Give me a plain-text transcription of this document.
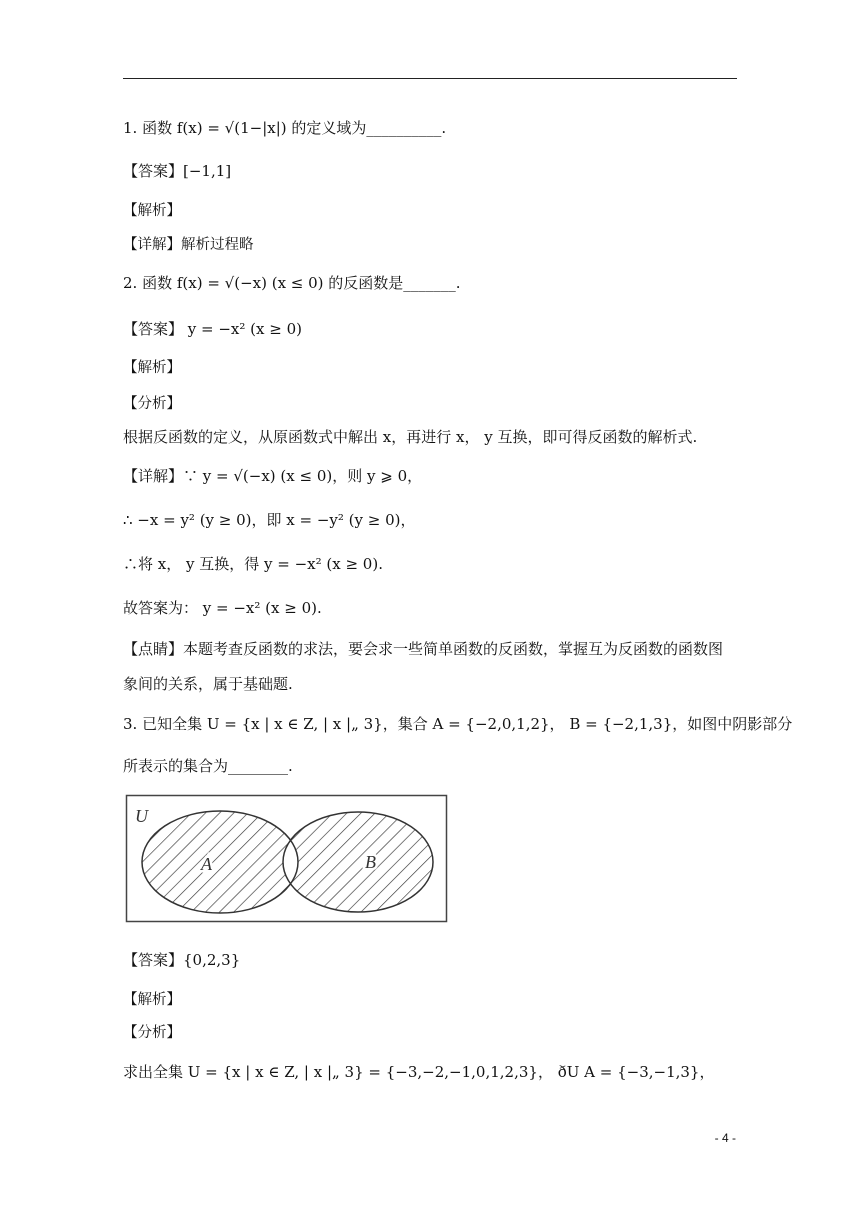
1. 函数 f(x) = √(1−|x|) 的定义域为__________.
【答案】[−1,1]
【解析】
【详解】解析过程略
2. 函数 f(x) = √(−x) (x ≤ 0) 的反函数是_______.
【答案】 y = −x² (x ≥ 0)
【解析】
【分析】
根据反函数的定义，从原函数式中解出 x，再进行 x， y 互换，即可得反函数的解析式.
【详解】∵ y = √(−x) (x ≤ 0)，则 y ⩾ 0，
∴ −x = y² (y ≥ 0)，即 x = −y² (y ≥ 0)，
∴将 x， y 互换，得 y = −x² (x ≥ 0).
故答案为： y = −x² (x ≥ 0).
【点睛】本题考查反函数的求法，要会求一些简单函数的反函数，掌握互为反函数的函数图
象间的关系，属于基础题.
3. 已知全集 U = {x | x ∈ Z, | x |„ 3}，集合 A = {−2,0,1,2}， B = {−2,1,3}，如图中阴影部分
所表示的集合为________.
U
A	B
【答案】{0,2,3}
【解析】
【分析】
求出全集 U = {x | x ∈ Z, | x |„ 3} = {−3,−2,−1,0,1,2,3}， ðU A = {−3,−1,3}，
- 4 -
